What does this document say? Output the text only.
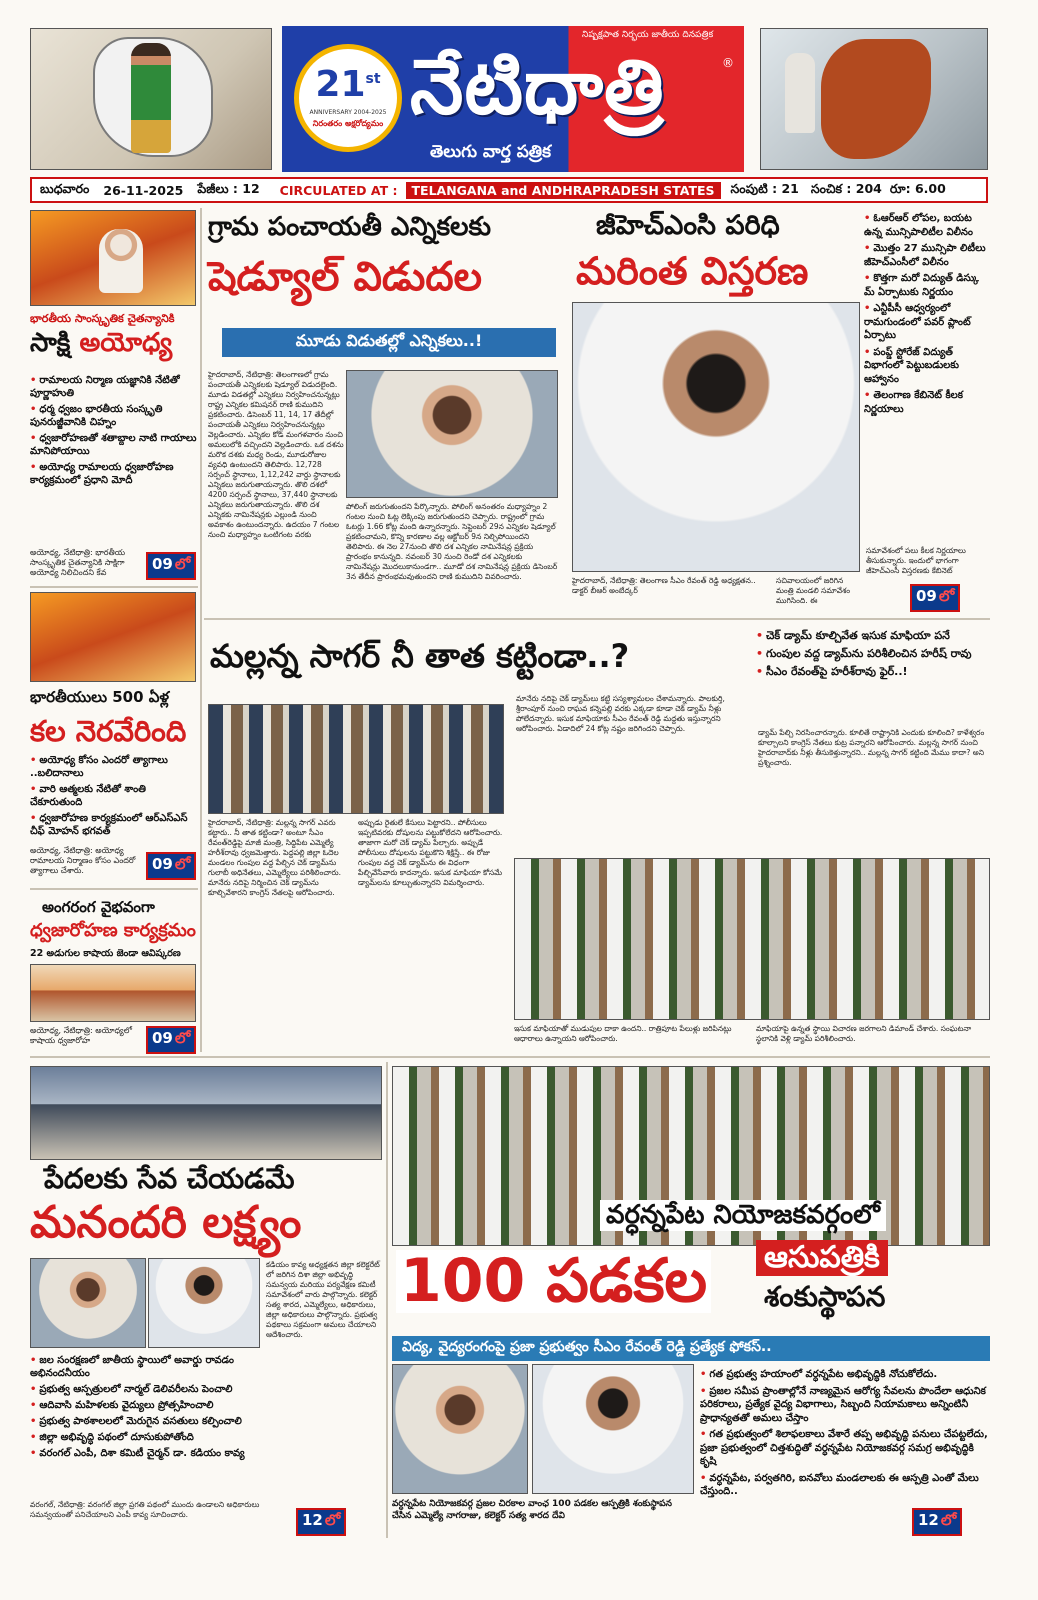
21st
ANNIVERSARY 2004-2025
నిరంతరం అక్షరోద్యమం
నిష్పక్షపాత నిర్భయ జాతీయ దినపత్రిక
నేటిధాత్రి	®
తెలుగు వార్త పత్రిక
బుధవారం 26-11-2025 పేజీలు : 12 CIRCULATED AT :	TELANGANA and ANDHRAPRADESH STATES	సంపుటి : 21 సంచిక : 204 రూ: 6.00
భారతీయ సాంస్కృతిక చైతన్యానికి
సాక్షి అయోధ్య
• రామాలయ నిర్మాణ యజ్ఞానికి నేటితో పూర్ణాహుతి
• ధర్మ ధ్వజం భారతీయ సంస్కృతి పునరుజ్జీవానికి చిహ్నం
• ధ్వజారోహణతో శతాబ్దాల నాటి గాయాలు మానిపోయాయి
• అయోధ్య రామాలయ ధ్వజారోహణ కార్యక్రమంలో ప్రధాని మోదీ
అయోధ్య, నేటిధాత్రి: భారతీయ సాంస్కృతిక చైతన్యానికి సాక్షిగా అయోధ్య నిలిచిందని కేవ	09 లో
భారతీయులు 500 ఏళ్ల
కల నెరవేరింది
• అయోధ్య కోసం ఎందరో త్యాగాలు ..బలిదానాలు
• వారి ఆత్మలకు నేటితో శాంతి చేకూరుతుంది
• ధ్వజారోహణ కార్యక్రమంలో ఆర్ఎస్ఎస్ చీఫ్ మోహన్ భగవత్
అయోధ్య, నేటిధాత్రి: అయోధ్య రామాలయ నిర్మాణం కోసం ఎందరో త్యాగాలు చేశారు.	09 లో
అంగరంగ వైభవంగా
ధ్వజారోహణ కార్యక్రమం
22 అడుగుల కాషాయ జెండా ఆవిష్కరణ
అయోధ్య, నేటిధాత్రి: అయోధ్యలో కాషాయ ధ్వజారోహ	09 లో
గ్రామ పంచాయతీ ఎన్నికలకు
షెడ్యూల్ విడుదల
మూడు విడుతల్లో ఎన్నికలు..!
హైదరాబాద్, నేటిధాత్రి: తెలంగాణలో గ్రామ పంచాయతీ ఎన్నికలకు షెడ్యూల్ విడుదలైంది. మూడు విడతల్లో ఎన్నికలు నిర్వహించనున్నట్లు రాష్ట్ర ఎన్నికల కమిషనర్ రాణి కుముదిని ప్రకటించారు. డిసెంబర్ 11, 14, 17 తేదీల్లో పంచాయతీ ఎన్నికలు నిర్వహించనున్నట్లు వెల్లడించారు. ఎన్నికల కోడ్ మంగళవారం నుంచి అమలులోకి వచ్చిందని వెల్లడించారు. ఒక దశను మరొక దశకు మధ్య రెండు, మూడురోజుల వ్యవధి ఉంటుందని తెలిపారు. 12,728 సర్పంచ్ స్థానాలు, 1,12,242 వార్డు స్థానాలకు ఎన్నికలు జరుగుతాయన్నారు. తొలి దశలో 4200 సర్పంచ్ స్థానాలు, 37,440 స్థానాలకు ఎన్నికలు జరుగుతాయన్నారు. తొలి దశ ఎన్నికకు నామినేషన్లకు ఎల్లుండి నుంచి అవకాశం ఉంటుందన్నారు. ఉదయం 7 గంటల నుంచి మధ్యాహ్నం ఒంటిగంట వరకు
పోలింగ్ జరుగుతుందని పేర్కొన్నారు. పోలింగ్ అనంతరం మధ్యాహ్నం 2 గంటల నుంచి ఓట్ల లెక్కింపు జరుగుతుందని చెప్పారు. రాష్ట్రంలో గ్రామ ఓటర్లు 1.66 కోట్ల మంది ఉన్నారన్నారు. సెప్టెంబర్ 29న ఎన్నికల షెడ్యూల్ ప్రకటించామని, కొన్ని కారణాల వల్ల ఆక్టోబర్ 9న నిల్చిపోయిందని తెలిపారు. ఈ నెల 27నుంచి తొలి దశ ఎన్నికల నామినేషన్ల ప్రక్రియ ప్రారంభం కానున్నది. నవంబర్ 30 నుంచి రెండో దశ ఎన్నికలకు నామినేషన్లు మొదలుకానుండగా.. మూడో దశ నామినేషన్ల ప్రక్రియ డిసెంబర్ 3న తేదీన ప్రారంభమవుతుందని రాణి కుముదిని వివరించారు.
జీహెచ్ఎంసి పరిధి
మరింత విస్తరణ
హైదరాబాద్, నేటిధాత్రి: తెలంగాణ సీఎం రేవంత్ రెడ్డి అధ్యక్షతన.. డాక్టర్ బీఆర్ అంబేద్కర్
సచివాలయంలో జరిగిన మంత్రి మండలి సమావేశం ముగిసింది. ఈ
• ఓఆర్ఆర్ లోపల, బయట ఉన్న మున్సిపాలిటీల విలీనం
• మొత్తం 27 మున్సిపా లిటీలు జీహెచ్ఎంసీలో విలీనం
• కొత్తగా మరో విద్యుత్ డిస్కు మ్ ఏర్పాటుకు నిర్ణయం
• ఎన్టీపీసీ ఆధ్వర్యంలో రామగుండంలో పవర్ ప్లాంట్ ఏర్పాటు
• పంప్డ్ స్టోరేజ్ విద్యుత్ విభాగంలో పెట్టుబడులకు ఆహ్వానం
• తెలంగాణ కేబినెట్ కీలక నిర్ణయాలు
సమావేశంలో పలు కీలక నిర్ణయాలు తీసుకున్నారు. ఇందులో భాగంగా జీహెచ్ఎంసీ విస్తరణకు కేబినెట్
09 లో
మల్లన్న సాగర్ నీ తాత కట్టిండా..?
• చెక్ డ్యామ్ కూల్చివేత ఇసుక మాఫియా పనే
• గుంపుల వద్ద డ్యామ్‌ను పరిశీలించిన హరీష్ రావు
• సీఎం రేవంత్‌పై హరీశ్‌రావు ఫైర్..!
హైదరాబాద్, నేటిధాత్రి: మల్లన్న సాగర్ ఎవరు కట్టారు.. నీ తాత కట్టిండా? అంటూ సీఎం రేవంత్‌రెడ్డిపై మాజీ మంత్రి, సిద్దిపేట ఎమ్మెల్యే హరీశ్‌రావు ధ్వజమెత్తారు. పెద్దపల్లి జిల్లా ఓదెల మండలం గుంపుల వద్ద పేల్చిన చెక్ డ్యామ్‌ను గులాబీ అధినేతలు, ఎమ్మెల్యేలు పరిశీలించారు. మానేరు నదిపై నిర్మించిన చెక్ డ్యామ్‌ను కూల్చివేశారని కాంగ్రెస్ నేతలపై ఆరోపించారు.
అప్పుడు రైతులే కేసులు పెట్టారని.. పోలీసులు ఇప్పటివరకు దోషులను పట్టుకోలేదని ఆరోపించారు. తాజాగా మరో చెక్ డ్యామ్ పేల్చారు. అప్పుడే పోలీసులు దోషులను పట్టుకొని శిక్షిస్తే.. ఈ రోజు గుంపుల వద్ద చెక్ డ్యామ్‌ను ఈ విధంగా పేల్చివేసేవారు కాదన్నారు. ఇసుక మాఫియా కోసమే డ్యామ్‌లను కూల్చుతున్నారని విమర్శించారు.
మానేరు నదిపై చెక్ డ్యామ్‌లు కట్టి సస్యశ్యామలం చేశామన్నారు. పాలకుర్తి, శ్రీరాంపూర్ నుంచి రాఘవ కన్నెపల్లి వరకు ఎక్కడా కూడా చెక్ డ్యామ్ నీళ్లు పోలేదన్నారు. ఇసుక మాఫియాకు సీఎం రేవంత్ రెడ్డి మద్దతు ఇస్తున్నారని ఆరోపించారు. ఏడాదిలో 24 కోట్ల నష్టం జరిగిందని చెప్పారు.	డ్యామ్ పేల్చి నిరసించారన్నారు. కూలితే రాష్ట్రానికి ఎందుకు కూలింది? కాళేశ్వరం కూల్చాలని కాంగ్రెస్ నేతలు కుట్ర పన్నారని ఆరోపించారు. మల్లన్న సాగర్ నుంచి హైదరాబాద్‌కు నీళ్లు తీసుకెళ్తున్నారని.. మల్లన్న సాగర్ కట్టింది మేము కాదా? అని ప్రశ్నించారు.
ఇసుక మాఫియాతో ముడుపుల దాకా ఉందని.. రాత్రిపూట పేలుళ్లు జరిపినట్లు ఆధారాలు ఉన్నాయని ఆరోపించారు.
మాఫియాపై ఉన్నత స్థాయి విచారణ జరగాలని డిమాండ్ చేశారు. సంఘటనా స్థలానికి వెళ్లి డ్యామ్ పరిశీలించారు.
పేదలకు సేవ చేయడమే
మనందరి లక్ష్యం
• జల సంరక్షణలో జాతీయ స్థాయిలో అవార్డు రావడం అభినందనీయం
• ప్రభుత్వ ఆస్పత్రులలో నార్మల్ డెలివరీలను పెంచాలి
• ఆదివాసి మహిళలకు వైద్యులు ప్రోత్సహించాలి
• ప్రభుత్వ పాఠశాలలలో మెరుగైన వసతులు కల్పించాలి
• జిల్లా అభివృద్ధి పథంలో దూసుకుపోతోంది
• వరంగల్ ఎంపీ, దిశా కమిటీ చైర్మన్ డా. కడియం కావ్య
కడియం కావ్య అధ్యక్షతన జిల్లా కలెక్టరేట్ లో జరిగిన దిశా జిల్లా అభివృద్ధి సమన్వయ మరియు పర్యవేక్షణ కమిటీ సమావేశంలో వారు పాల్గొన్నారు. కలెక్టర్ సత్య శారద, ఎమ్మెల్యేలు, అధికారులు, జిల్లా అధికారులు పాల్గొన్నారు. ప్రభుత్వ పథకాలు సక్రమంగా అమలు చేయాలని ఆదేశించారు.
వరంగల్, నేటిధాత్రి: వరంగల్ జిల్లా ప్రగతి పథంలో ముందు ఉండాలని అధికారులు సమన్వయంతో పనిచేయాలని ఎంపీ కావ్య సూచించారు.	12 లో
వర్ధన్నపేట నియోజకవర్గంలో
100 పడకల ఆసుపత్రికి
శంకుస్థాపన
విద్య, వైద్యరంగంపై ప్రజా ప్రభుత్వం సీఎం రేవంత్ రెడ్డి ప్రత్యేక ఫోకస్..
• గత ప్రభుత్వ హయాంలో వర్ధన్నపేట అభివృద్ధికి నోచుకోలేదు.
• ప్రజల సమీప ప్రాంతాల్లోనే నాణ్యమైన ఆరోగ్య సేవలను పొందేలా ఆధునిక పరికరాలు, ప్రత్యేక వైద్య విభాగాలు, సిబ్బంది నియామకాలు అన్నింటినీ ప్రాధాన్యతతో అమలు చేస్తాం
• గత ప్రభుత్వంలో శిలాఫలకాలు వేశారే తప్ప అభివృద్ధి పనులు చేపట్టలేదు, ప్రజా ప్రభుత్వంలో చిత్తశుద్ధితో వర్ధన్నపేట నియోజకవర్గ సమగ్ర అభివృద్ధికి కృషి
• వర్ధన్నపేట, పర్వతగిరి, ఐనవోలు మండలాలకు ఈ ఆస్పత్రి ఎంతో మేలు చేస్తుంది..
వర్ధన్నపేట నియోజకవర్గ ప్రజల చిరకాల వాంఛ 100 పడకల ఆస్పత్రికి శంకుస్థాపన చేసిన ఎమ్మెల్యే నాగరాజు, కలెక్టర్ సత్య శారద దేవి	12 లో
